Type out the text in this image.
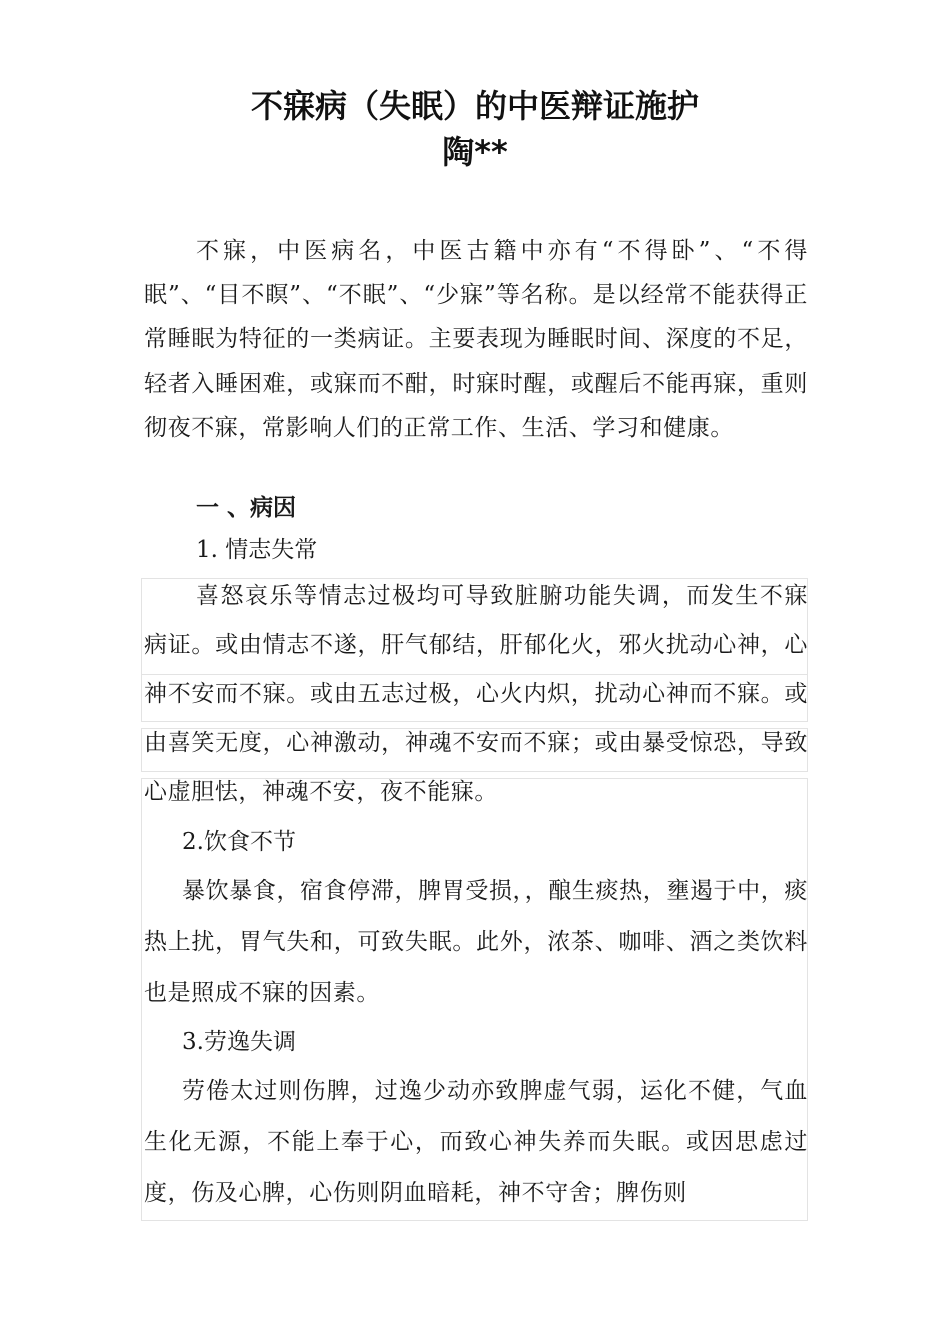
不寐病（失眠）的中医辩证施护
陶**

不寐，中医病名，中医古籍中亦有“不得卧”、“不得眠”、“目不瞑”、“不眠”、“少寐”等名称。是以经常不能获得正常睡眠为特征的一类病证。主要表现为睡眠时间、深度的不足，轻者入睡困难，或寐而不酣，时寐时醒，或醒后不能再寐，重则彻夜不寐，常影响人们的正常工作、生活、学习和健康。

一 、病因
1. 情志失常

喜怒哀乐等情志过极均可导致脏腑功能失调，而发生不寐病证。或由情志不遂，肝气郁结，肝郁化火，邪火扰动心神，心神不安而不寐。或由五志过极，心火内炽，扰动心神而不寐。或由喜笑无度，心神激动，神魂不安而不寐；或由暴受惊恐，导致心虚胆怯，神魂不安，夜不能寐。

2.饮食不节

暴饮暴食，宿食停滞，脾胃受损，，酿生痰热，壅遏于中，痰热上扰，胃气失和，可致失眠。此外，浓茶、咖啡、酒之类饮料也是照成不寐的因素。

3.劳逸失调

劳倦太过则伤脾，过逸少动亦致脾虚气弱，运化不健，气血生化无源，不能上奉于心，而致心神失养而失眠。或因思虑过度，伤及心脾，心伤则阴血暗耗，神不守舍；脾伤则
